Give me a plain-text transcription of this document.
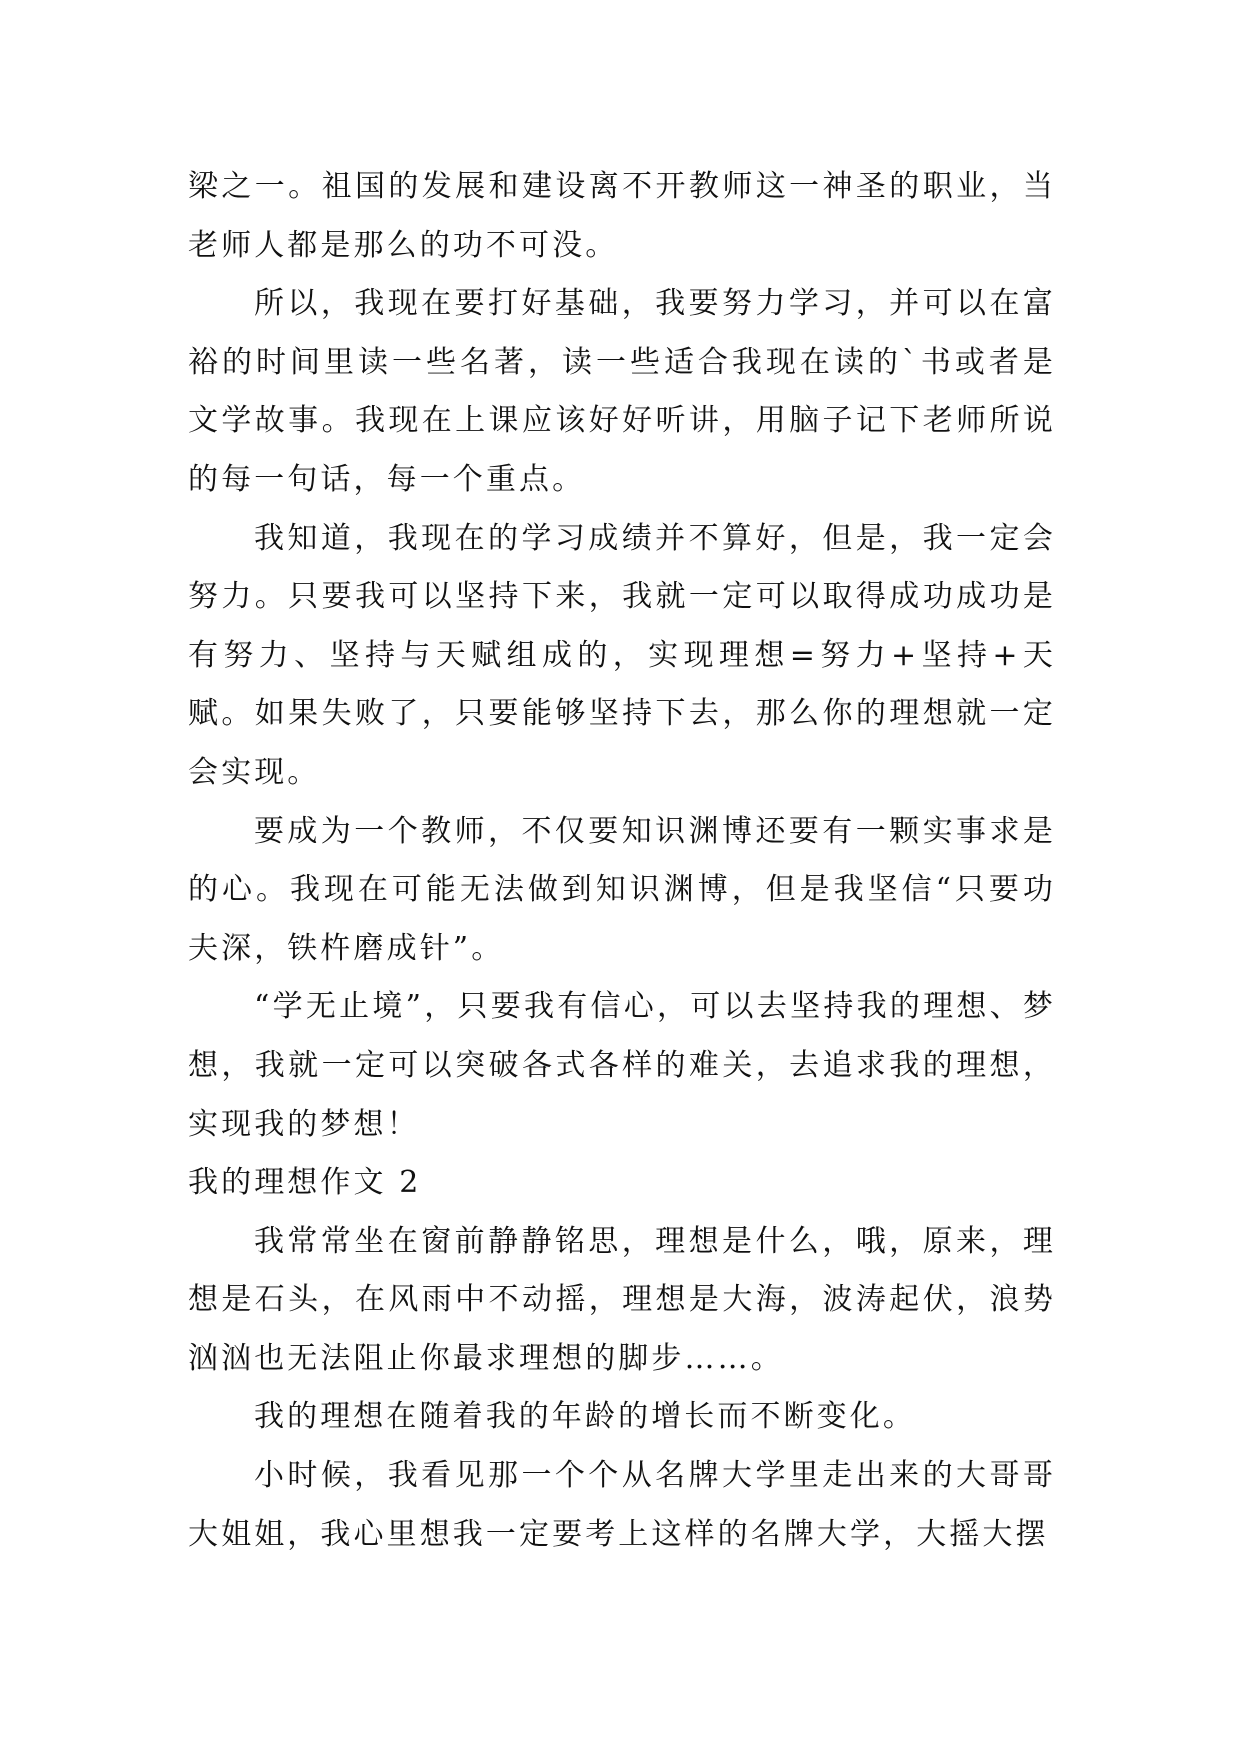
梁之一。祖国的发展和建设离不开教师这一神圣的职业，当老师人都是那么的功不可没。

所以，我现在要打好基础，我要努力学习，并可以在富裕的时间里读一些名著，读一些适合我现在读的`书或者是文学故事。我现在上课应该好好听讲，用脑子记下老师所说的每一句话，每一个重点。

我知道，我现在的学习成绩并不算好，但是，我一定会努力。只要我可以坚持下来，我就一定可以取得成功成功是有努力、坚持与天赋组成的，实现理想=努力+坚持+天赋。如果失败了，只要能够坚持下去，那么你的理想就一定会实现。

要成为一个教师，不仅要知识渊博还要有一颗实事求是的心。我现在可能无法做到知识渊博，但是我坚信“只要功夫深，铁杵磨成针”。

“学无止境”，只要我有信心，可以去坚持我的理想、梦想，我就一定可以突破各式各样的难关，去追求我的理想，实现我的梦想！

我的理想作文 2

我常常坐在窗前静静铭思，理想是什么，哦，原来，理想是石头，在风雨中不动摇，理想是大海，波涛起伏，浪势汹汹也无法阻止你最求理想的脚步……。

我的理想在随着我的年龄的增长而不断变化。

小时候，我看见那一个个从名牌大学里走出来的大哥哥大姐姐，我心里想我一定要考上这样的名牌大学，大摇大摆
